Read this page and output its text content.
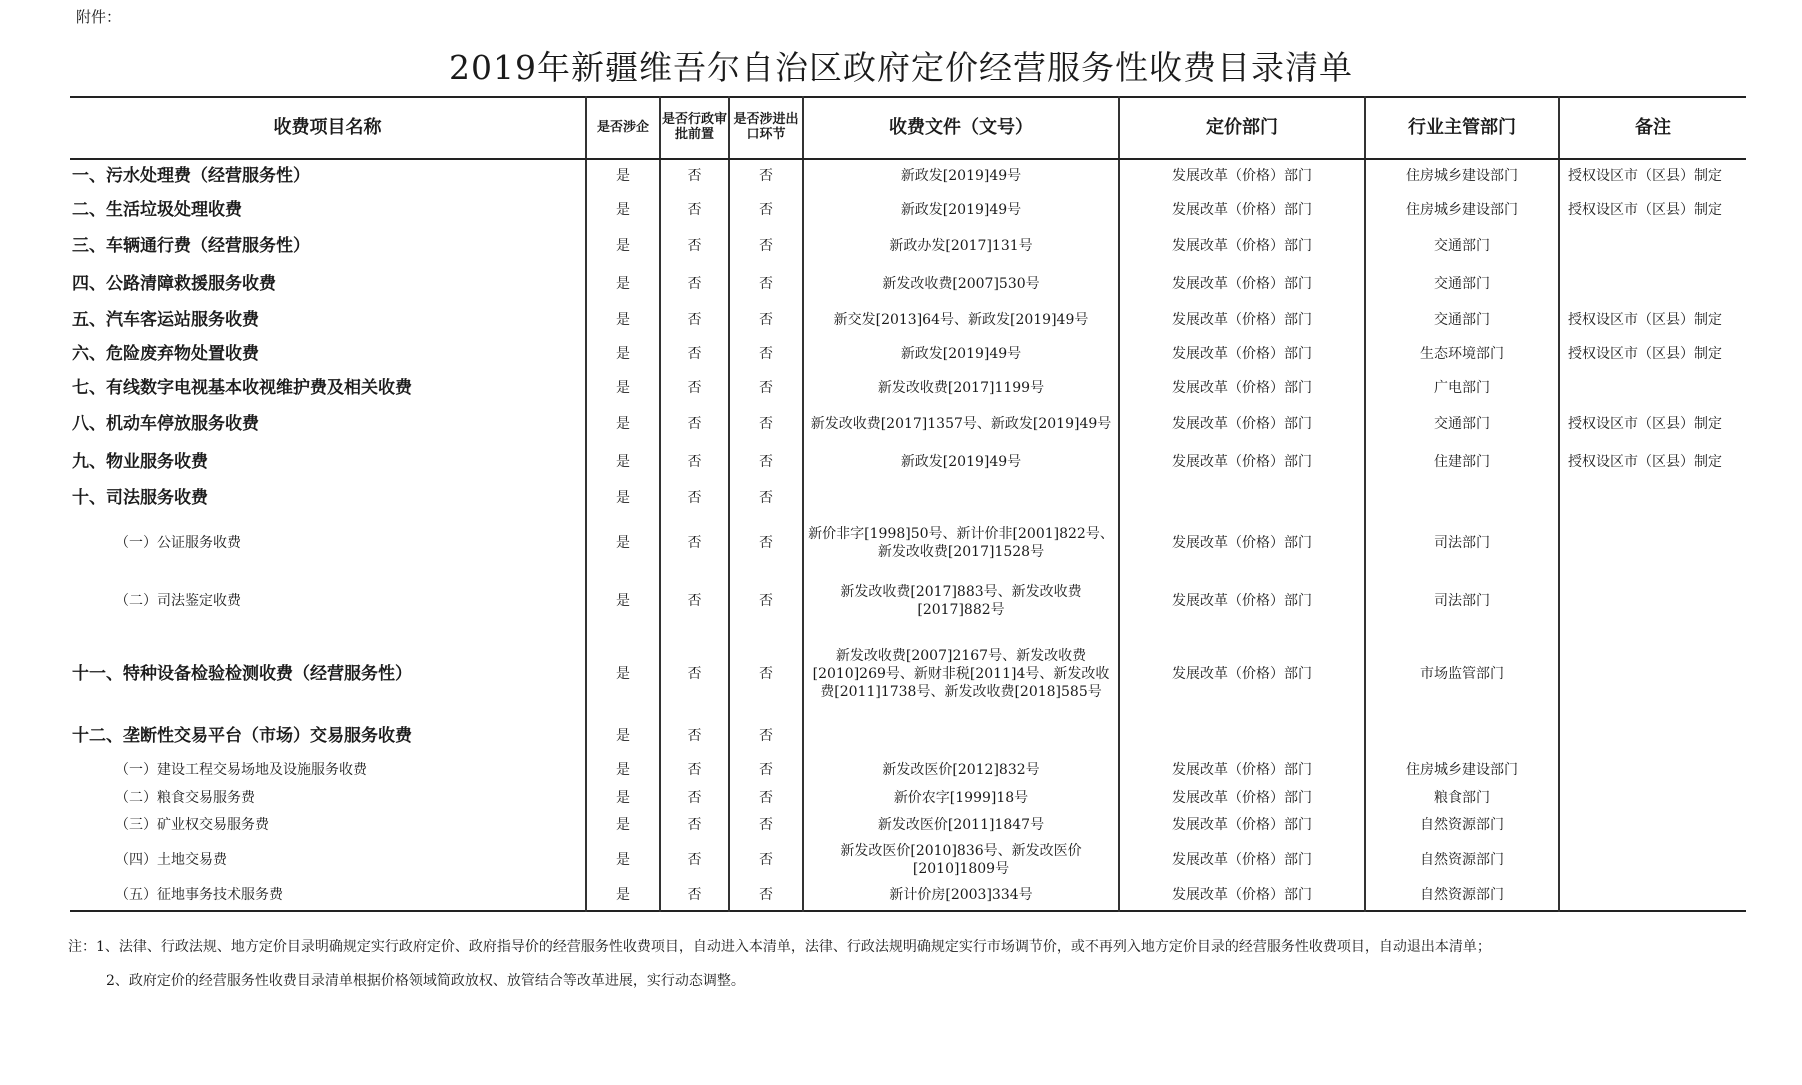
附件：
2019年新疆维吾尔自治区政府定价经营服务性收费目录清单
收费项目名称	是否涉企	是否行政审批前置	是否涉进出口环节	收费文件（文号）	定价部门	行业主管部门	备注
一、污水处理费（经营服务性）	是	否	否	新政发[2019]49号	发展改革（价格）部门	住房城乡建设部门	授权设区市（区县）制定
二、生活垃圾处理收费	是	否	否	新政发[2019]49号	发展改革（价格）部门	住房城乡建设部门	授权设区市（区县）制定
三、车辆通行费（经营服务性）	是	否	否	新政办发[2017]131号	发展改革（价格）部门	交通部门	
四、公路清障救援服务收费	是	否	否	新发改收费[2007]530号	发展改革（价格）部门	交通部门	
五、汽车客运站服务收费	是	否	否	新交发[2013]64号、新政发[2019]49号	发展改革（价格）部门	交通部门	授权设区市（区县）制定
六、危险废弃物处置收费	是	否	否	新政发[2019]49号	发展改革（价格）部门	生态环境部门	授权设区市（区县）制定
七、有线数字电视基本收视维护费及相关收费	是	否	否	新发改收费[2017]1199号	发展改革（价格）部门	广电部门	
八、机动车停放服务收费	是	否	否	新发改收费[2017]1357号、新政发[2019]49号	发展改革（价格）部门	交通部门	授权设区市（区县）制定
九、物业服务收费	是	否	否	新政发[2019]49号	发展改革（价格）部门	住建部门	授权设区市（区县）制定
十、司法服务收费	是	否	否				
（一）公证服务收费	是	否	否	新价非字[1998]50号、新计价非[2001]822号、新发改收费[2017]1528号	发展改革（价格）部门	司法部门	
（二）司法鉴定收费	是	否	否	新发改收费[2017]883号、新发改收费[2017]882号	发展改革（价格）部门	司法部门	
十一、特种设备检验检测收费（经营服务性）	是	否	否	新发改收费[2007]2167号、新发改收费[2010]269号、新财非税[2011]4号、新发改收费[2011]1738号、新发改收费[2018]585号	发展改革（价格）部门	市场监管部门	
十二、垄断性交易平台（市场）交易服务收费	是	否	否				
（一）建设工程交易场地及设施服务收费	是	否	否	新发改医价[2012]832号	发展改革（价格）部门	住房城乡建设部门	
（二）粮食交易服务费	是	否	否	新价农字[1999]18号	发展改革（价格）部门	粮食部门	
（三）矿业权交易服务费	是	否	否	新发改医价[2011]1847号	发展改革（价格）部门	自然资源部门	
（四）土地交易费	是	否	否	新发改医价[2010]836号、新发改医价[2010]1809号	发展改革（价格）部门	自然资源部门	
（五）征地事务技术服务费	是	否	否	新计价房[2003]334号	发展改革（价格）部门	自然资源部门	
注：1、法律、行政法规、地方定价目录明确规定实行政府定价、政府指导价的经营服务性收费项目，自动进入本清单，法律、行政法规明确规定实行市场调节价，或不再列入地方定价目录的经营服务性收费项目，自动退出本清单；
2、政府定价的经营服务性收费目录清单根据价格领域简政放权、放管结合等改革进展，实行动态调整。
